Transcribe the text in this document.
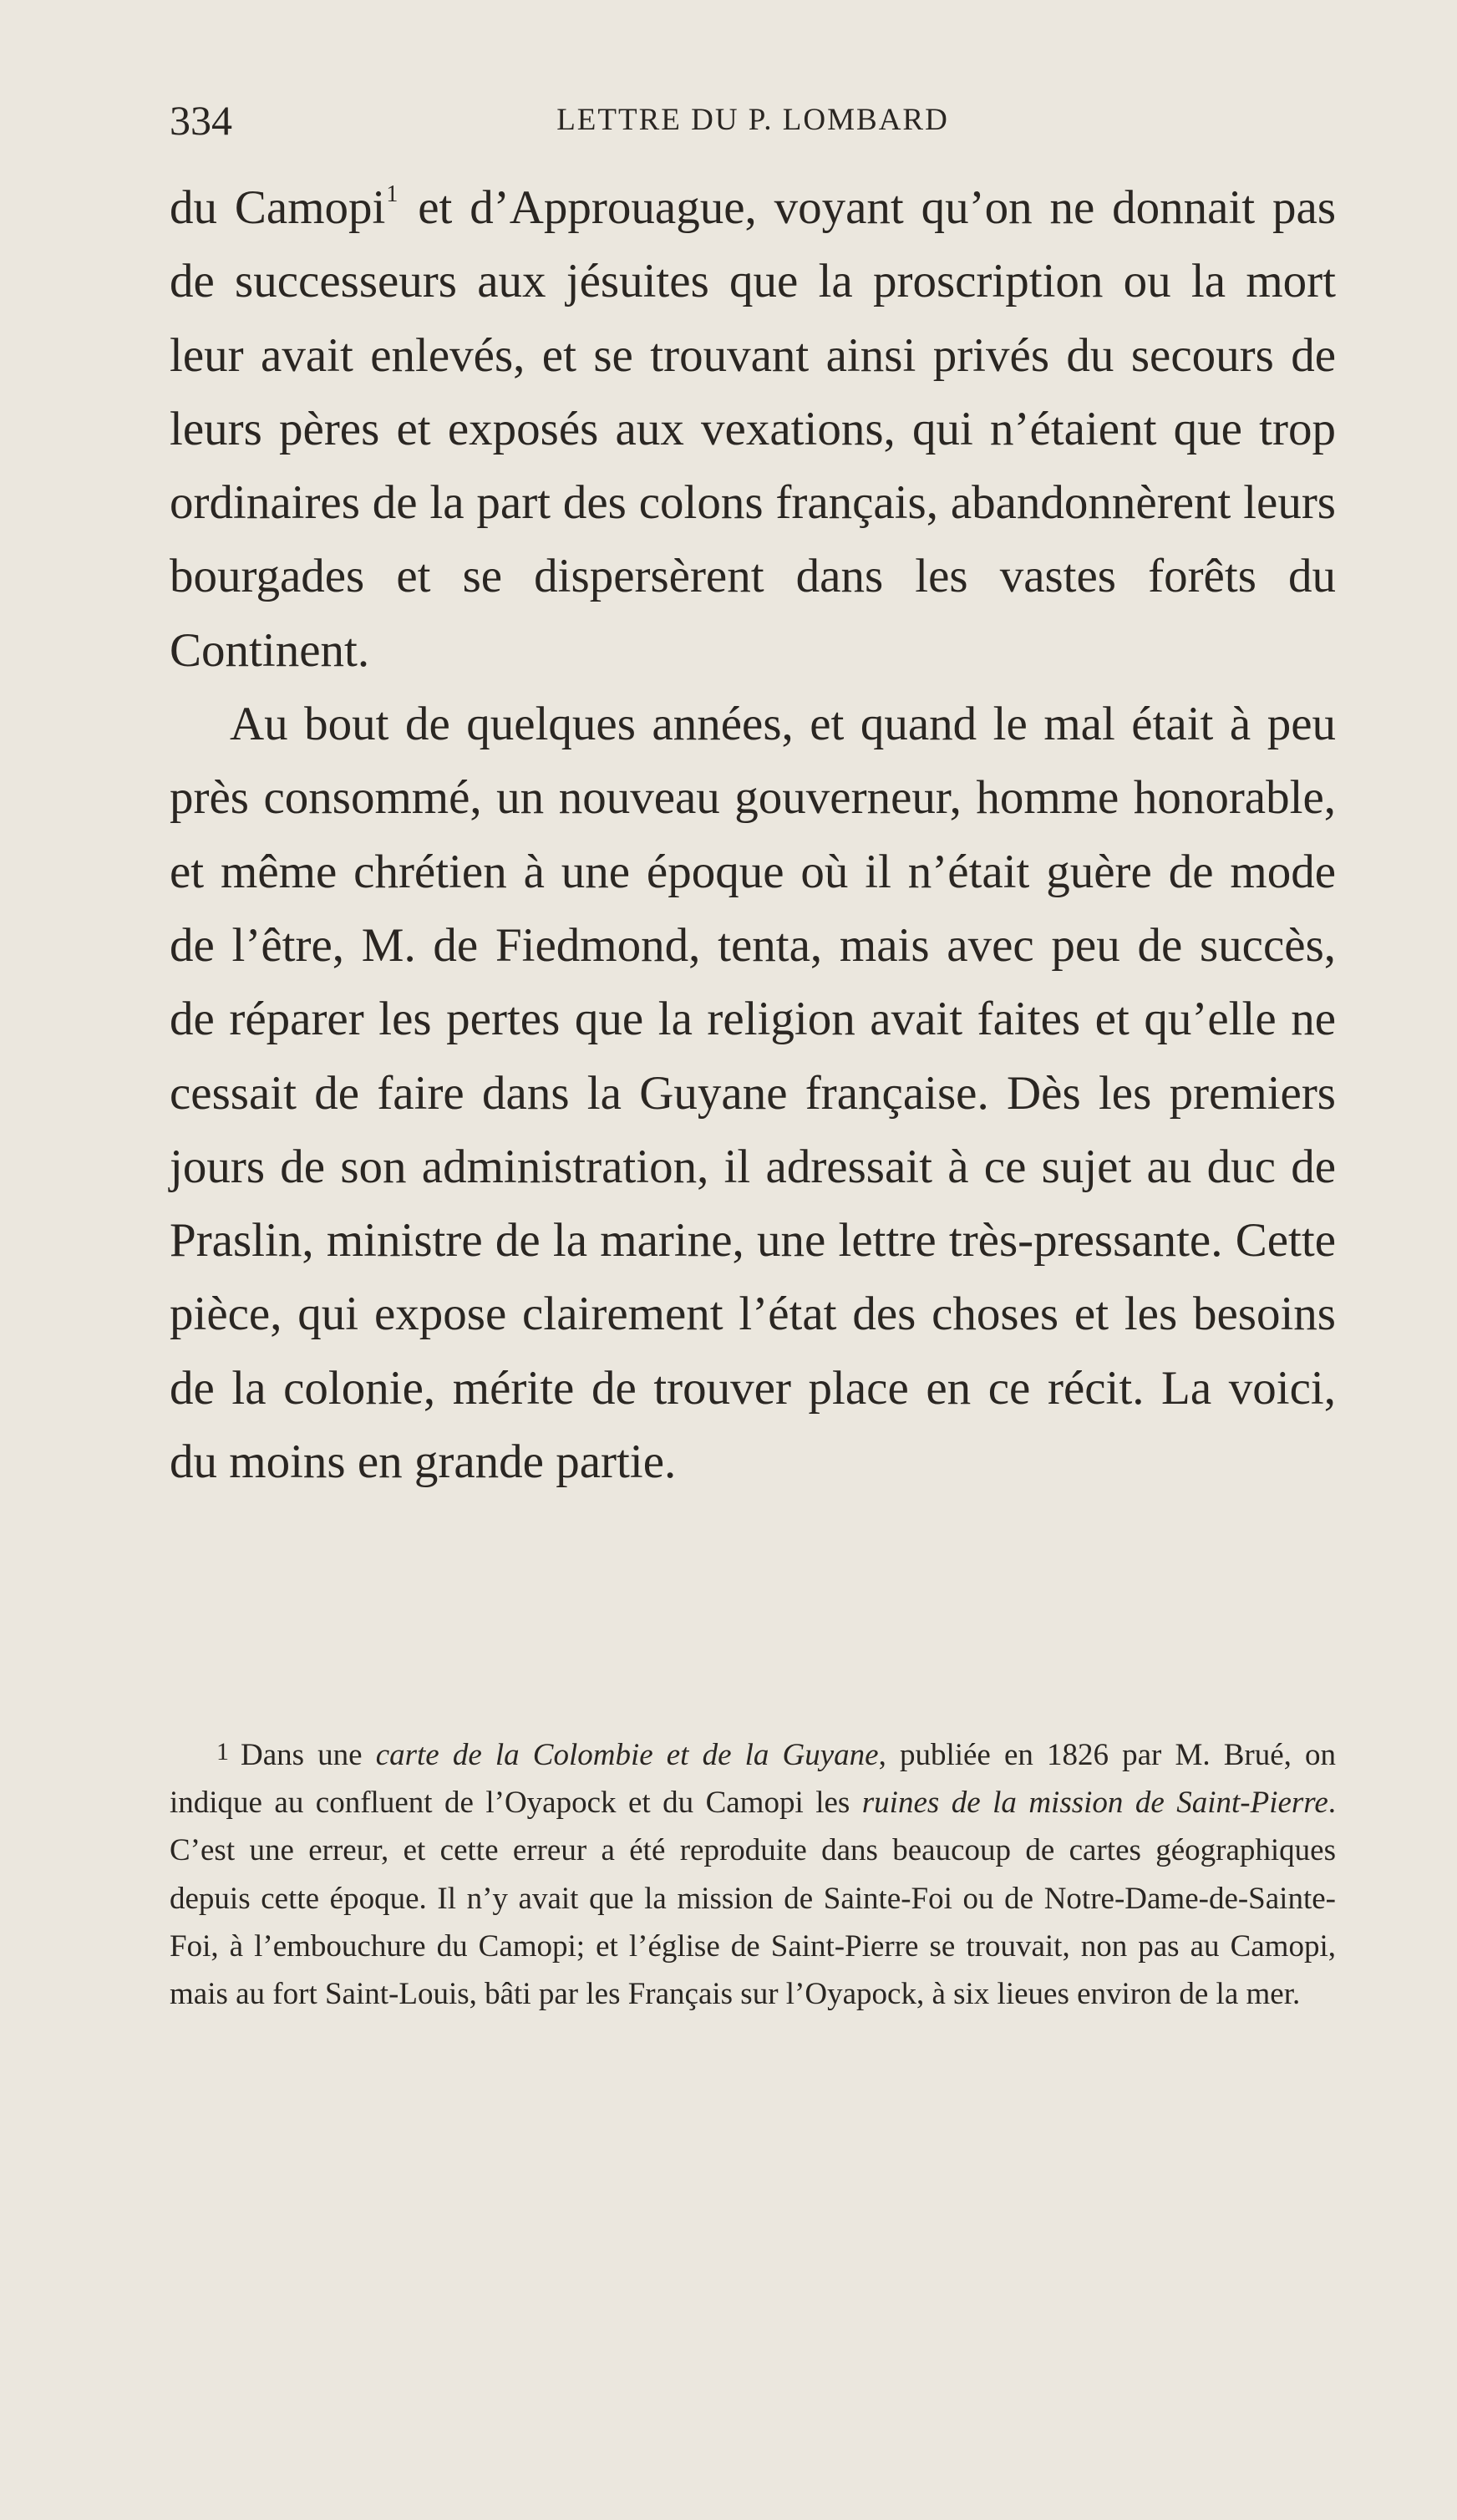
334	LETTRE DU P. LOMBARD

du Camopi$^1$ et d’Approuague, voyant qu’on ne donnait pas de successeurs aux jésuites que la proscription ou la mort leur avait enlevés, et se trouvant ainsi privés du secours de leurs pères et exposés aux vexations, qui n’étaient que trop ordinaires de la part des colons français, abandonnèrent leurs bourgades et se dispersèrent dans les vastes forêts du Continent.

Au bout de quelques années, et quand le mal était à peu près consommé, un nouveau gouverneur, homme honorable, et même chrétien à une époque où il n’était guère de mode de l’être, M. de Fiedmond, tenta, mais avec peu de succès, de réparer les pertes que la religion avait faites et qu’elle ne cessait de faire dans la Guyane française. Dès les premiers jours de son administration, il adressait à ce sujet au duc de Praslin, ministre de la marine, une lettre très-pressante. Cette pièce, qui expose clairement l’état des choses et les besoins de la colonie, mérite de trouver place en ce récit. La voici, du moins en grande partie.

1 Dans une carte de la Colombie et de la Guyane, publiée en 1826 par M. Brué, on indique au confluent de l’Oyapock et du Camopi les ruines de la mission de Saint-Pierre. C’est une erreur, et cette erreur a été reproduite dans beaucoup de cartes géographiques depuis cette époque. Il n’y avait que la mission de Sainte-Foi ou de Notre-Dame-de-Sainte-Foi, à l’embouchure du Camopi; et l’église de Saint-Pierre se trouvait, non pas au Camopi, mais au fort Saint-Louis, bâti par les Français sur l’Oyapock, à six lieues environ de la mer.
